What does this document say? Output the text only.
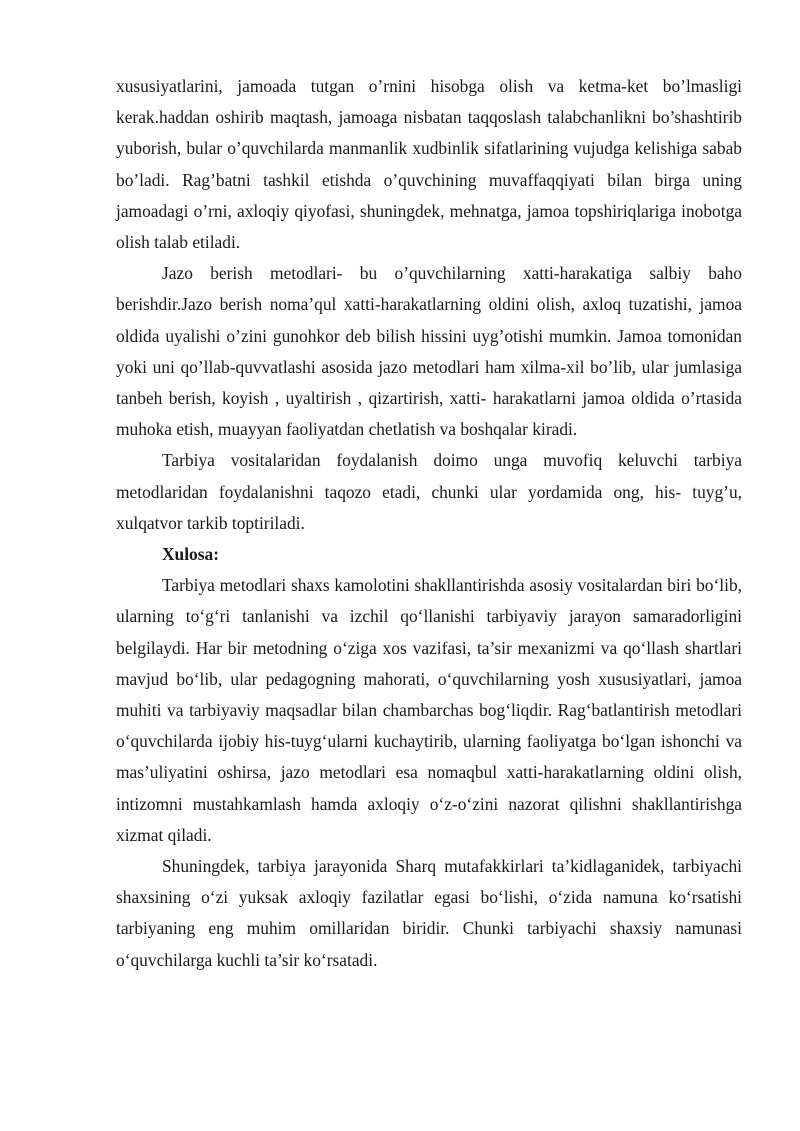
xususiyatlarini, jamoada tutgan o’rnini hisobga olish va ketma-ket bo’lmasligi kerak.haddan oshirib maqtash, jamoaga nisbatan taqqoslash talabchanlikni bo’shashtirib yuborish, bular o’quvchilarda manmanlik xudbinlik sifatlarining vujudga kelishiga sabab bo’ladi. Rag’batni tashkil etishda o’quvchining muvaffaqqiyati bilan birga uning jamoadagi o’rni, axloqiy qiyofasi, shuningdek, mehnatga, jamoa topshiriqlariga inobotga olish talab etiladi.

Jazo berish metodlari- bu o’quvchilarning xatti-harakatiga salbiy baho berishdir.Jazo berish noma’qul xatti-harakatlarning oldini olish, axloq tuzatishi, jamoa oldida uyalishi o’zini gunohkor deb bilish hissini uyg’otishi mumkin. Jamoa tomonidan yoki uni qo’llab-quvvatlashi asosida jazo metodlari ham xilma-xil bo’lib, ular jumlasiga tanbeh berish, koyish , uyaltirish , qizartirish, xatti- harakatlarni jamoa oldida o’rtasida muhoka etish, muayyan faoliyatdan chetlatish va boshqalar kiradi.

Tarbiya vositalaridan foydalanish doimo unga muvofiq keluvchi tarbiya metodlaridan foydalanishni taqozo etadi, chunki ular yordamida ong, his- tuyg’u, xulqatvor tarkib toptiriladi.

Xulosa:

Tarbiya metodlari shaxs kamolotini shakllantirishda asosiy vositalardan biri bo‘lib, ularning to‘g‘ri tanlanishi va izchil qo‘llanishi tarbiyaviy jarayon samaradorligini belgilaydi. Har bir metodning o‘ziga xos vazifasi, ta’sir mexanizmi va qo‘llash shartlari mavjud bo‘lib, ular pedagogning mahorati, o‘quvchilarning yosh xususiyatlari, jamoa muhiti va tarbiyaviy maqsadlar bilan chambarchas bog‘liqdir. Rag‘batlantirish metodlari o‘quvchilarda ijobiy his-tuyg‘ularni kuchaytirib, ularning faoliyatga bo‘lgan ishonchi va mas’uliyatini oshirsa, jazo metodlari esa nomaqbul xatti-harakatlarning oldini olish, intizomni mustahkamlash hamda axloqiy o‘z-o‘zini nazorat qilishni shakllantirishga xizmat qiladi.

Shuningdek, tarbiya jarayonida Sharq mutafakkirlari ta’kidlaganidek, tarbiyachi shaxsining o‘zi yuksak axloqiy fazilatlar egasi bo‘lishi, o‘zida namuna ko‘rsatishi tarbiyaning eng muhim omillaridan biridir. Chunki tarbiyachi shaxsiy namunasi o‘quvchilarga kuchli ta’sir ko‘rsatadi.
